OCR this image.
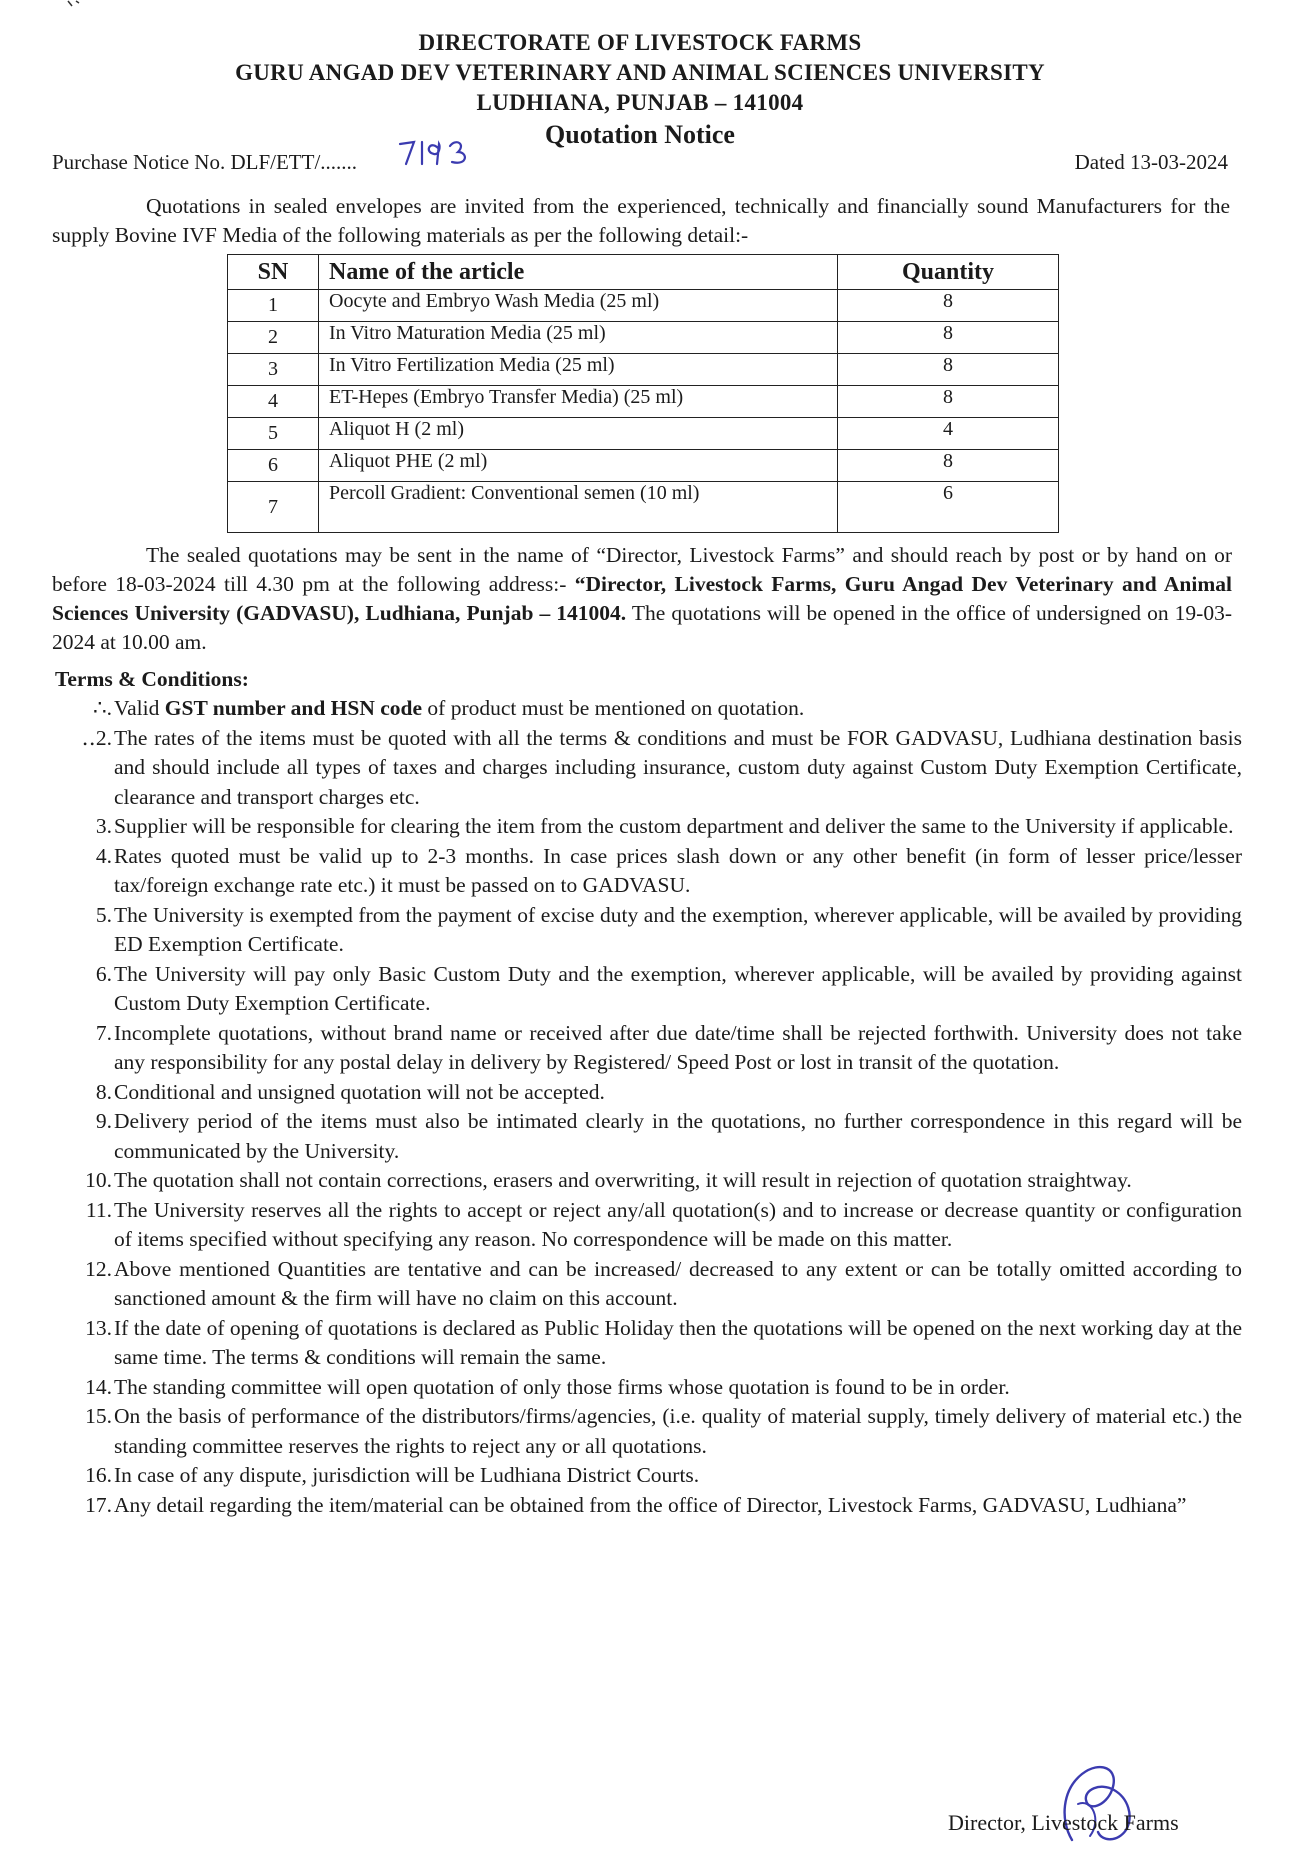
DIRECTORATE OF LIVESTOCK FARMS
GURU ANGAD DEV VETERINARY AND ANIMAL SCIENCES UNIVERSITY
LUDHIANA, PUNJAB – 141004
Quotation Notice
Purchase Notice No. DLF/ETT/.......	Dated 13-03-2024
Quotations in sealed envelopes are invited from the experienced, technically and financially sound Manufacturers for the supply Bovine IVF Media of the following materials as per the following detail:-
SN	Name of the article	Quantity
1	Oocyte and Embryo Wash Media (25 ml)	8
2	In Vitro Maturation Media (25 ml)	8
3	In Vitro Fertilization Media (25 ml)	8
4	ET-Hepes (Embryo Transfer Media) (25 ml)	8
5	Aliquot H (2 ml)	4
6	Aliquot PHE (2 ml)	8
7	Percoll Gradient: Conventional semen (10 ml)	6
The sealed quotations may be sent in the name of “Director, Livestock Farms” and should reach by post or by hand on or before 18-03-2024 till 4.30 pm at the following address:- “Director, Livestock Farms, Guru Angad Dev Veterinary and Animal Sciences University (GADVASU), Ludhiana, Punjab – 141004. The quotations will be opened in the office of undersigned on 19-03-2024 at 10.00 am.
Terms & Conditions:
∴. Valid GST number and HSN code of product must be mentioned on quotation.
․․2. The rates of the items must be quoted with all the terms & conditions and must be FOR GADVASU, Ludhiana destination basis and should include all types of taxes and charges including insurance, custom duty against Custom Duty Exemption Certificate, clearance and transport charges etc.
3. Supplier will be responsible for clearing the item from the custom department and deliver the same to the University if applicable.
4. Rates quoted must be valid up to 2-3 months. In case prices slash down or any other benefit (in form of lesser price/lesser tax/foreign exchange rate etc.) it must be passed on to GADVASU.
5. The University is exempted from the payment of excise duty and the exemption, wherever applicable, will be availed by providing ED Exemption Certificate.
6. The University will pay only Basic Custom Duty and the exemption, wherever applicable, will be availed by providing against Custom Duty Exemption Certificate.
7. Incomplete quotations, without brand name or received after due date/time shall be rejected forthwith. University does not take any responsibility for any postal delay in delivery by Registered/ Speed Post or lost in transit of the quotation.
8. Conditional and unsigned quotation will not be accepted.
9. Delivery period of the items must also be intimated clearly in the quotations, no further correspondence in this regard will be communicated by the University.
10. The quotation shall not contain corrections, erasers and overwriting, it will result in rejection of quotation straightway.
11. The University reserves all the rights to accept or reject any/all quotation(s) and to increase or decrease quantity or configuration of items specified without specifying any reason. No correspondence will be made on this matter.
12. Above mentioned Quantities are tentative and can be increased/ decreased to any extent or can be totally omitted according to sanctioned amount & the firm will have no claim on this account.
13. If the date of opening of quotations is declared as Public Holiday then the quotations will be opened on the next working day at the same time. The terms & conditions will remain the same.
14. The standing committee will open quotation of only those firms whose quotation is found to be in order.
15. On the basis of performance of the distributors/firms/agencies, (i.e. quality of material supply, timely delivery of material etc.) the standing committee reserves the rights to reject any or all quotations.
16. In case of any dispute, jurisdiction will be Ludhiana District Courts.
17. Any detail regarding the item/material can be obtained from the office of Director, Livestock Farms, GADVASU, Ludhiana”
Director, Livestock Farms
